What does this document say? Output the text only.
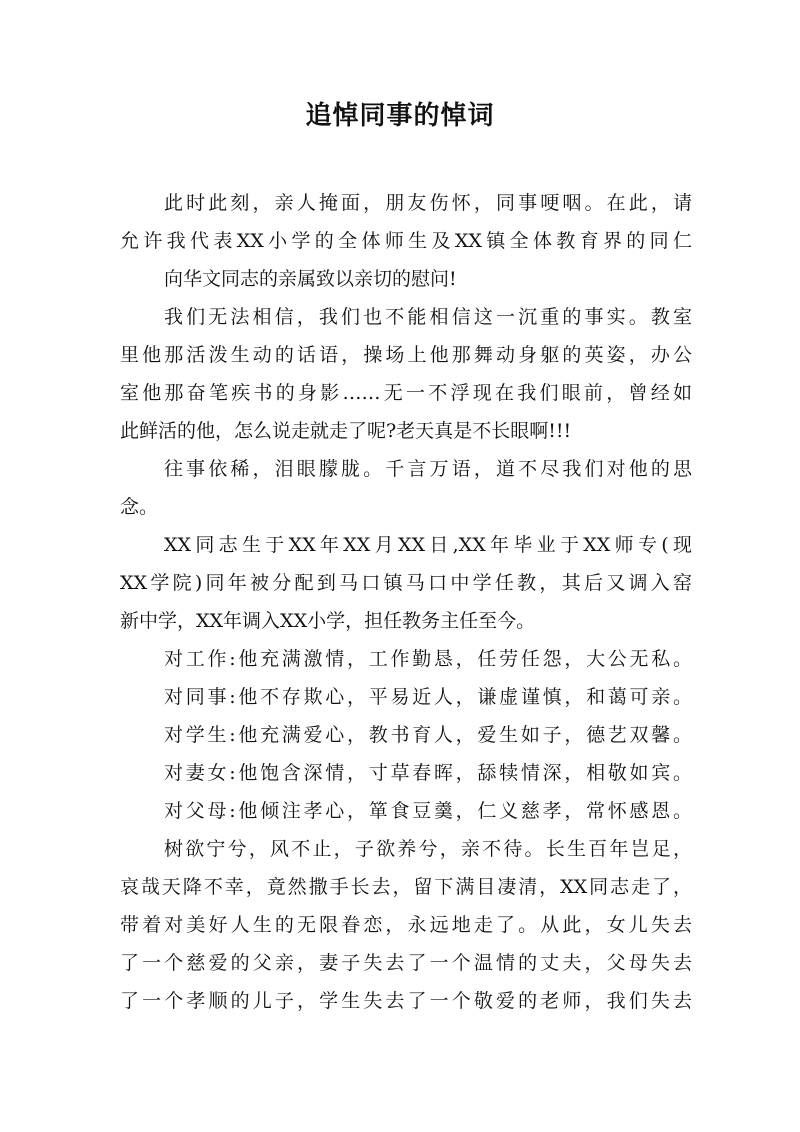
追悼同事的悼词
此时此刻，亲人掩面，朋友伤怀，同事哽咽。在此，请
允许我代表XX小学的全体师生及XX镇全体教育界的同仁
向华文同志的亲属致以亲切的慰问!
我们无法相信，我们也不能相信这一沉重的事实。教室
里他那活泼生动的话语，操场上他那舞动身躯的英姿，办公
室他那奋笔疾书的身影……无一不浮现在我们眼前，曾经如
此鲜活的他，怎么说走就走了呢?老天真是不长眼啊!!!
往事依稀，泪眼朦胧。千言万语，道不尽我们对他的思
念。
XX同志生于XX年XX月XX日,XX年毕业于XX师专(现
XX学院)同年被分配到马口镇马口中学任教，其后又调入窑
新中学，XX年调入XX小学，担任教务主任至今。
对工作:他充满激情，工作勤恳，任劳任怨，大公无私。
对同事:他不存欺心，平易近人，谦虚谨慎，和蔼可亲。
对学生:他充满爱心，教书育人，爱生如子，德艺双馨。
对妻女:他饱含深情，寸草春晖，舔犊情深，相敬如宾。
对父母:他倾注孝心，箪食豆羹，仁义慈孝，常怀感恩。
树欲宁兮，风不止，子欲养兮，亲不待。长生百年岂足，
哀哉天降不幸，竟然撒手长去，留下满目凄清，XX同志走了，
带着对美好人生的无限眷恋，永远地走了。从此，女儿失去
了一个慈爱的父亲，妻子失去了一个温情的丈夫，父母失去
了一个孝顺的儿子，学生失去了一个敬爱的老师，我们失去
